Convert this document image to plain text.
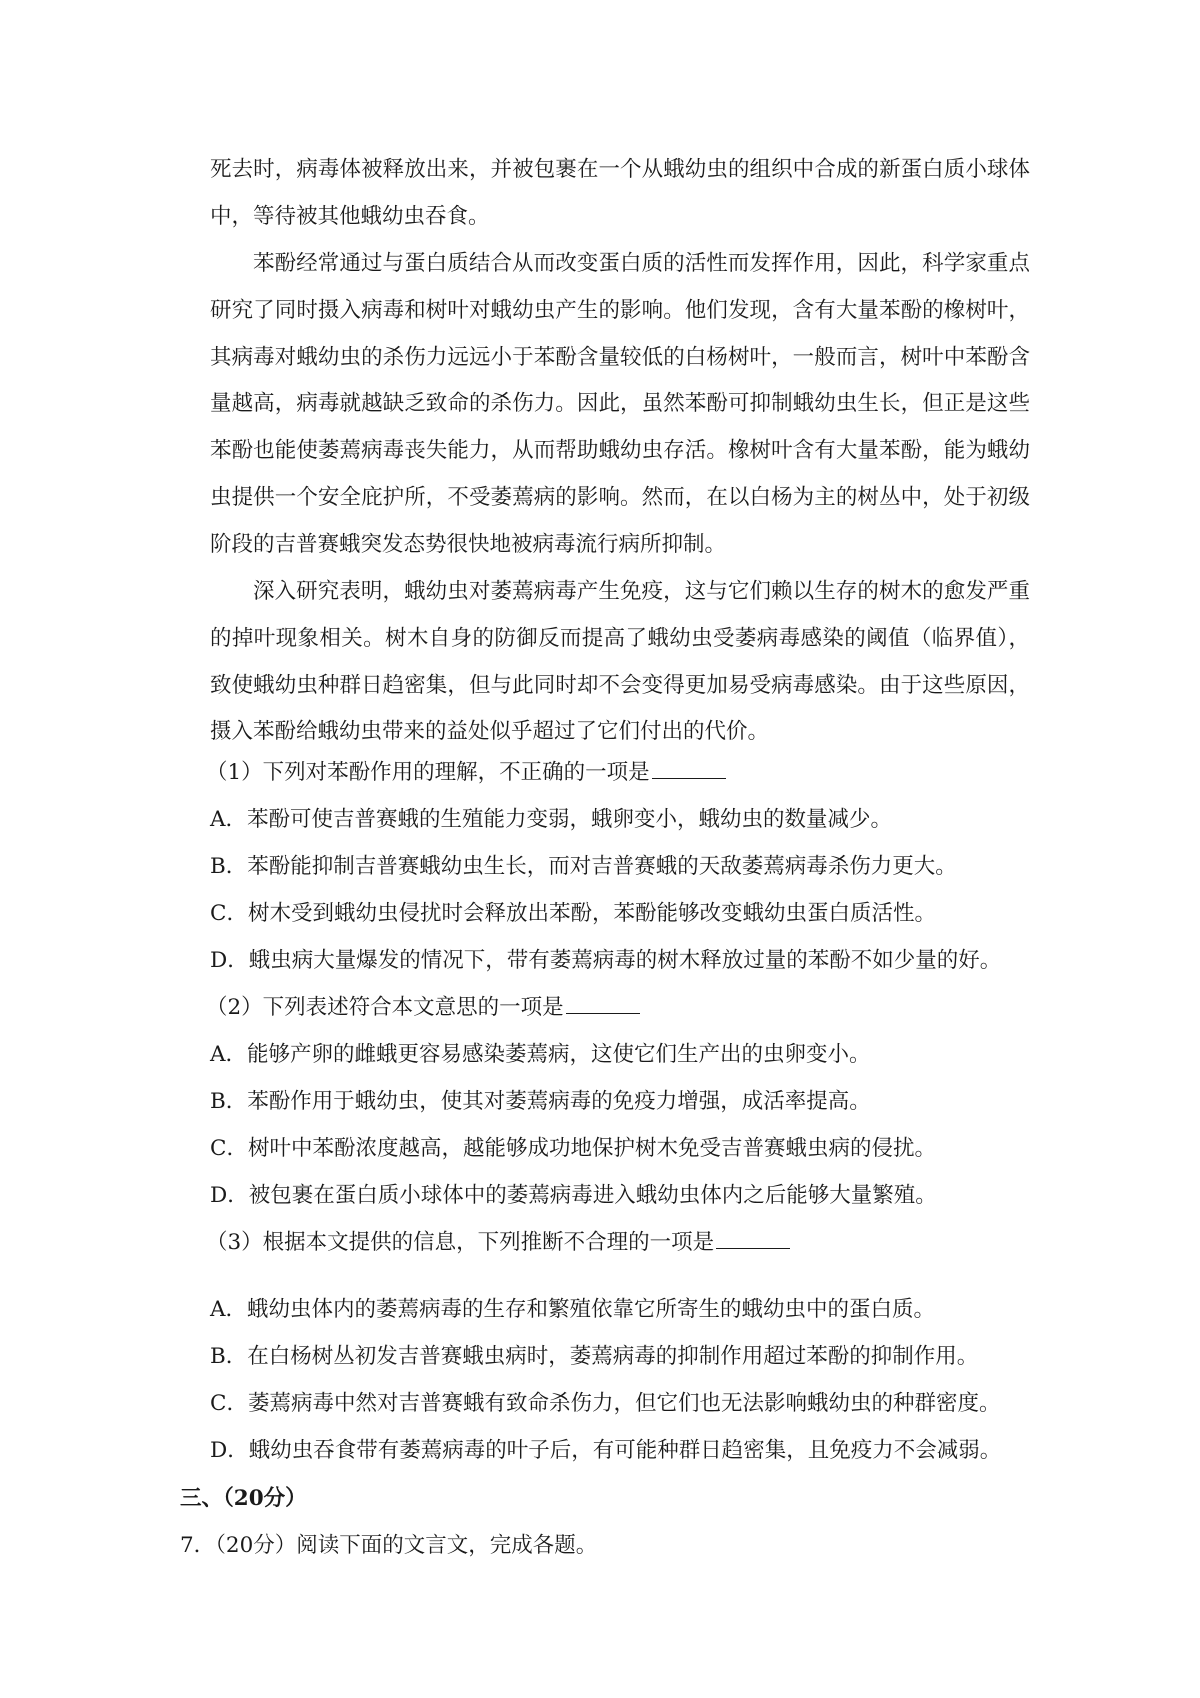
死去时，病毒体被释放出来，并被包裹在一个从蛾幼虫的组织中合成的新蛋白质小球体中，等待被其他蛾幼虫吞食。

苯酚经常通过与蛋白质结合从而改变蛋白质的活性而发挥作用，因此，科学家重点研究了同时摄入病毒和树叶对蛾幼虫产生的影响。他们发现，含有大量苯酚的橡树叶，其病毒对蛾幼虫的杀伤力远远小于苯酚含量较低的白杨树叶，一般而言，树叶中苯酚含量越高，病毒就越缺乏致命的杀伤力。因此，虽然苯酚可抑制蛾幼虫生长，但正是这些苯酚也能使萎蔫病毒丧失能力，从而帮助蛾幼虫存活。橡树叶含有大量苯酚，能为蛾幼虫提供一个安全庇护所，不受萎蔫病的影响。然而，在以白杨为主的树丛中，处于初级阶段的吉普赛蛾突发态势很快地被病毒流行病所抑制。

深入研究表明，蛾幼虫对萎蔫病毒产生免疫，这与它们赖以生存的树木的愈发严重的掉叶现象相关。树木自身的防御反而提高了蛾幼虫受萎病毒感染的阈值（临界值），致使蛾幼虫种群日趋密集，但与此同时却不会变得更加易受病毒感染。由于这些原因，摄入苯酚给蛾幼虫带来的益处似乎超过了它们付出的代价。

（1）下列对苯酚作用的理解，不正确的一项是

A．苯酚可使吉普赛蛾的生殖能力变弱，蛾卵变小，蛾幼虫的数量减少。

B．苯酚能抑制吉普赛蛾幼虫生长，而对吉普赛蛾的天敌萎蔫病毒杀伤力更大。

C．树木受到蛾幼虫侵扰时会释放出苯酚，苯酚能够改变蛾幼虫蛋白质活性。

D．蛾虫病大量爆发的情况下，带有萎蔫病毒的树木释放过量的苯酚不如少量的好。

（2）下列表述符合本文意思的一项是

A．能够产卵的雌蛾更容易感染萎蔫病，这使它们生产出的虫卵变小。

B．苯酚作用于蛾幼虫，使其对萎蔫病毒的免疫力增强，成活率提高。

C．树叶中苯酚浓度越高，越能够成功地保护树木免受吉普赛蛾虫病的侵扰。

D．被包裹在蛋白质小球体中的萎蔫病毒进入蛾幼虫体内之后能够大量繁殖。

（3）根据本文提供的信息，下列推断不合理的一项是

A．蛾幼虫体内的萎蔫病毒的生存和繁殖依靠它所寄生的蛾幼虫中的蛋白质。

B．在白杨树丛初发吉普赛蛾虫病时，萎蔫病毒的抑制作用超过苯酚的抑制作用。

C．萎蔫病毒中然对吉普赛蛾有致命杀伤力，但它们也无法影响蛾幼虫的种群密度。

D．蛾幼虫吞食带有萎蔫病毒的叶子后，有可能种群日趋密集，且免疫力不会减弱。

三、（20分）

7．（20分）阅读下面的文言文，完成各题。
